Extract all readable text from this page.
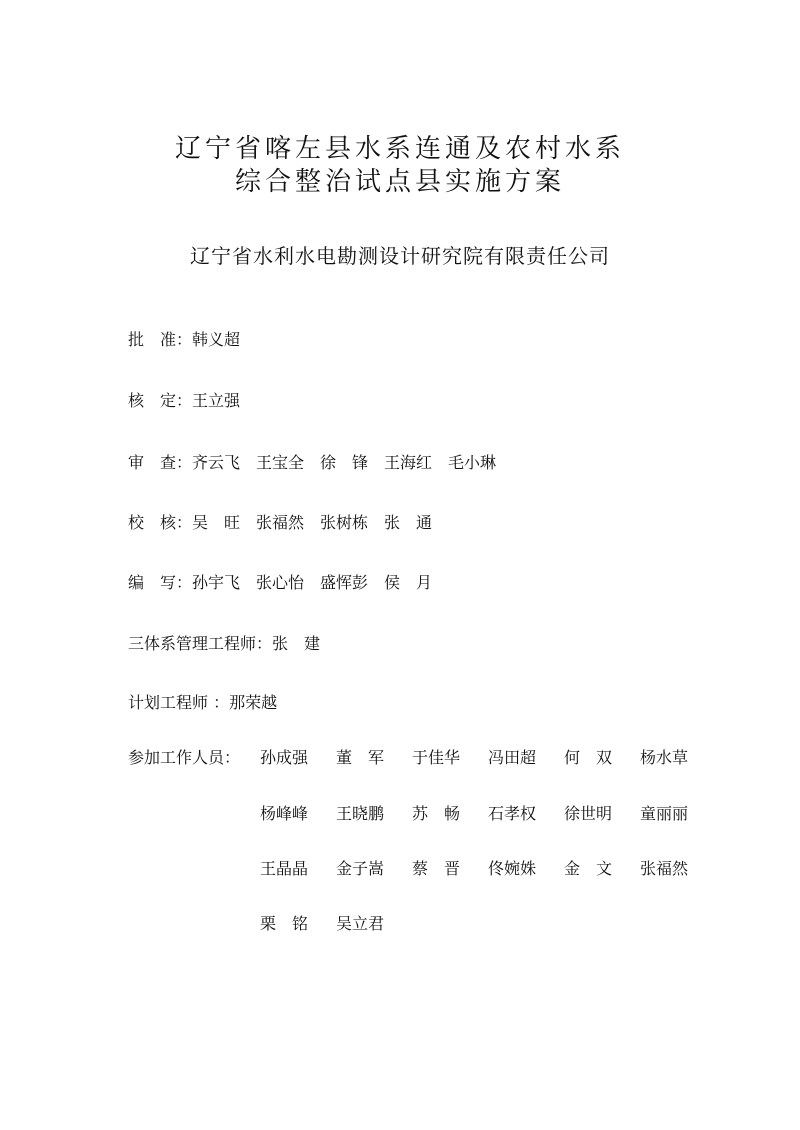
辽宁省喀左县水系连通及农村水系
综合整治试点县实施方案
辽宁省水利水电勘测设计研究院有限责任公司
批　准：韩义超
核　定：王立强
审　查：齐云飞　王宝全　徐　锋　王海红　毛小琳
校　核：吴　旺　张福然　张树栋　张　通
编　写：孙宇飞　张心怡　盛恽彭　侯　月
三体系管理工程师：张　建
计划工程师 ：那荣越
参加工作人员： 孙成强 董　军 于佳华 冯田超 何　双 杨水草
杨峰峰 王晓鹏 苏　畅 石孝权 徐世明 童丽丽
王晶晶 金子嵩 蔡　晋 佟婉姝 金　文 张福然
栗　铭 吴立君
